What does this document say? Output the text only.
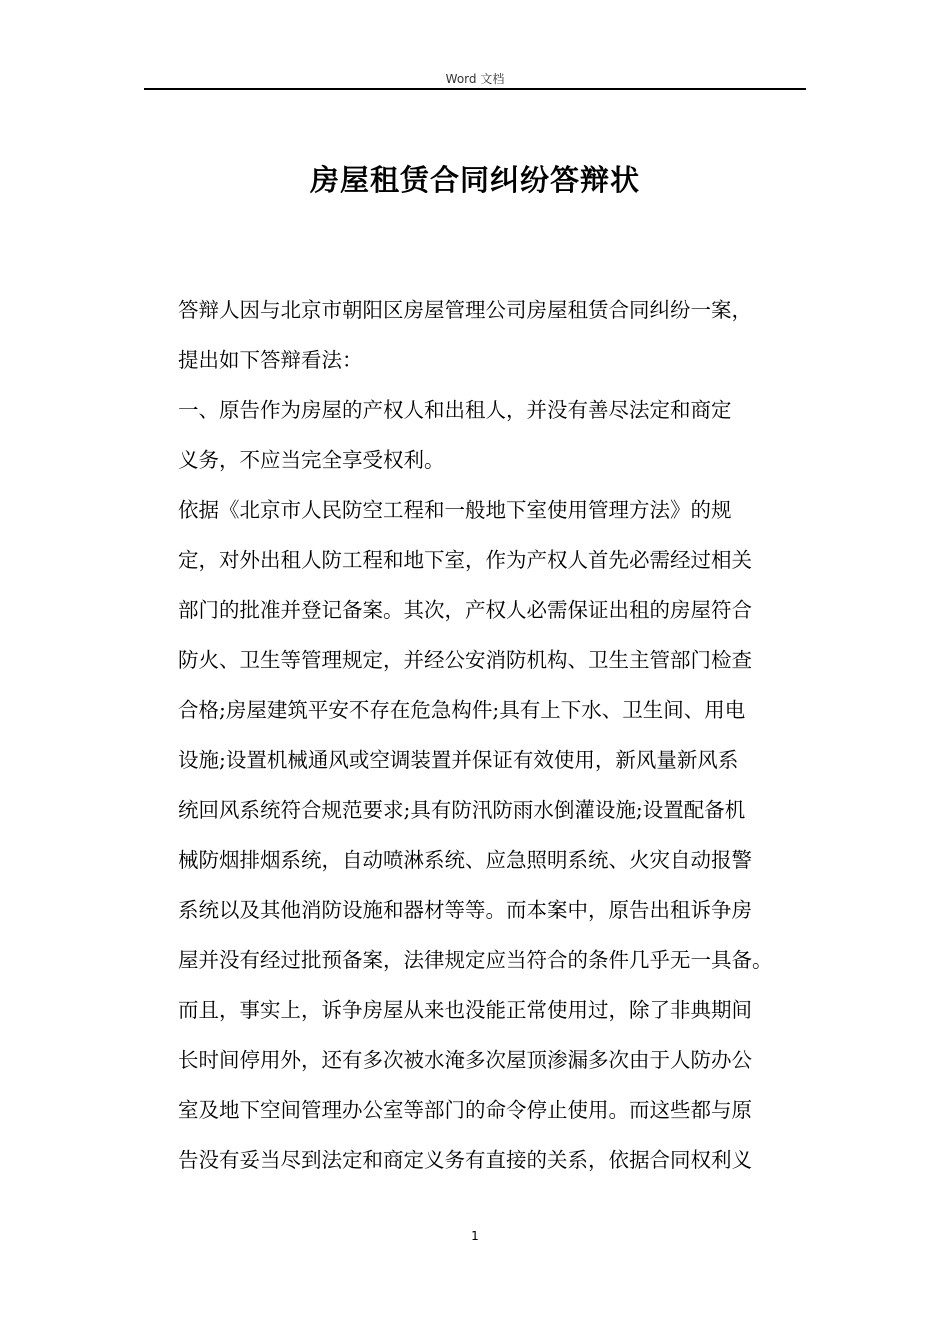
Word 文档
房屋租赁合同纠纷答辩状
答辩人因与北京市朝阳区房屋管理公司房屋租赁合同纠纷一案，
提出如下答辩看法：
一、原告作为房屋的产权人和出租人，并没有善尽法定和商定
义务，不应当完全享受权利。
依据《北京市人民防空工程和一般地下室使用管理方法》的规
定，对外出租人防工程和地下室，作为产权人首先必需经过相关
部门的批准并登记备案。其次，产权人必需保证出租的房屋符合
防火、卫生等管理规定，并经公安消防机构、卫生主管部门检查
合格;房屋建筑平安不存在危急构件;具有上下水、卫生间、用电
设施;设置机械通风或空调装置并保证有效使用，新风量新风系
统回风系统符合规范要求;具有防汛防雨水倒灌设施;设置配备机
械防烟排烟系统，自动喷淋系统、应急照明系统、火灾自动报警
系统以及其他消防设施和器材等等。而本案中，原告出租诉争房
屋并没有经过批预备案，法律规定应当符合的条件几乎无一具备。
而且，事实上，诉争房屋从来也没能正常使用过，除了非典期间
长时间停用外，还有多次被水淹多次屋顶渗漏多次由于人防办公
室及地下空间管理办公室等部门的命令停止使用。而这些都与原
告没有妥当尽到法定和商定义务有直接的关系，依据合同权利义
1
